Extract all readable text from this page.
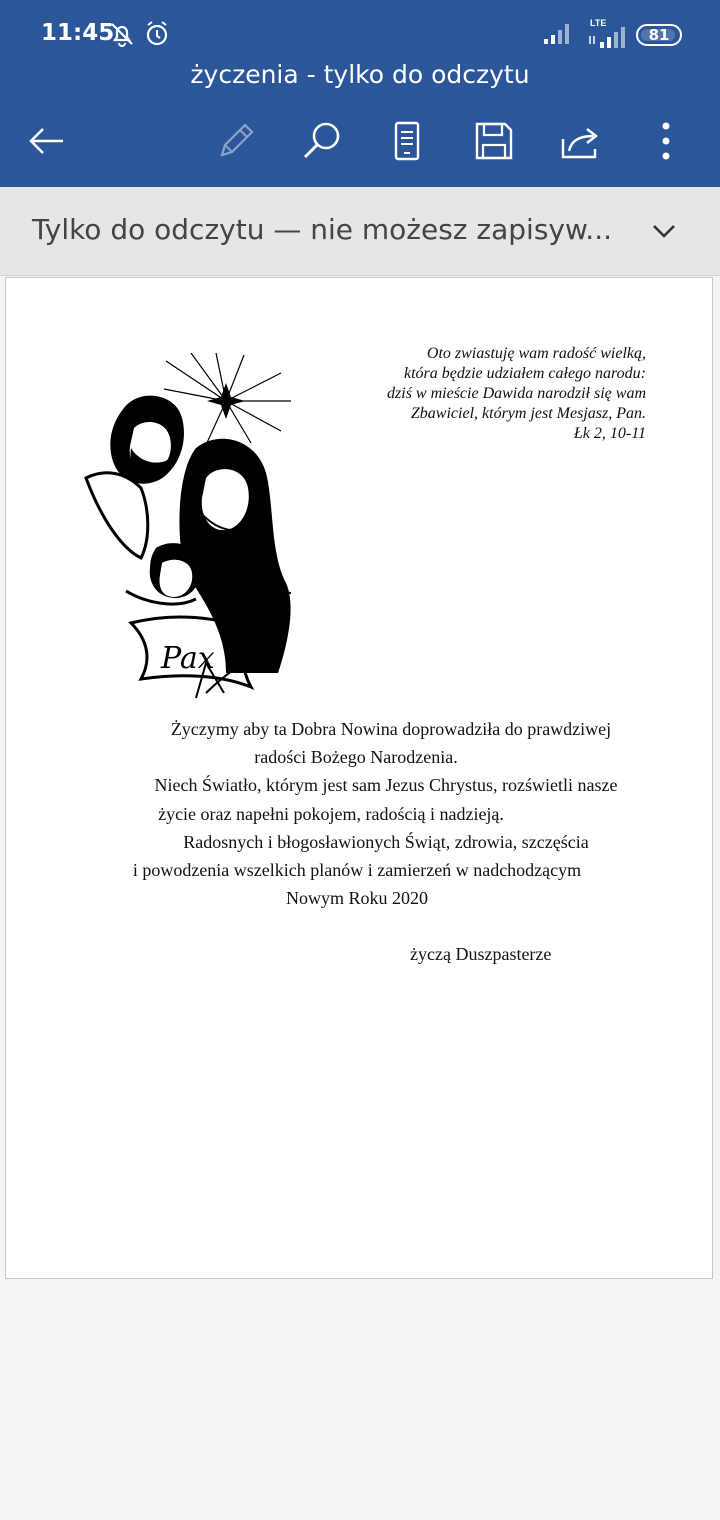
11:45	LTE
81
życzenia - tylko do odczytu
Tylko do odczytu — nie możesz zapisyw...
Pax
Oto zwiastuję wam radość wielką,
która będzie udziałem całego narodu:
dziś w mieście Dawida narodził się wam
Zbawiciel, którym jest Mesjasz, Pan.
Łk 2, 10-11
Życzymy aby ta Dobra Nowina doprowadziła do prawdziwej
radości Bożego Narodzenia.
Niech Światło, którym jest sam Jezus Chrystus, rozświetli nasze
życie oraz napełni pokojem, radością i nadzieją.
Radosnych i błogosławionych Świąt, zdrowia, szczęścia
i powodzenia wszelkich planów i zamierzeń w nadchodzącym
Nowym Roku 2020
życzą Duszpasterze
